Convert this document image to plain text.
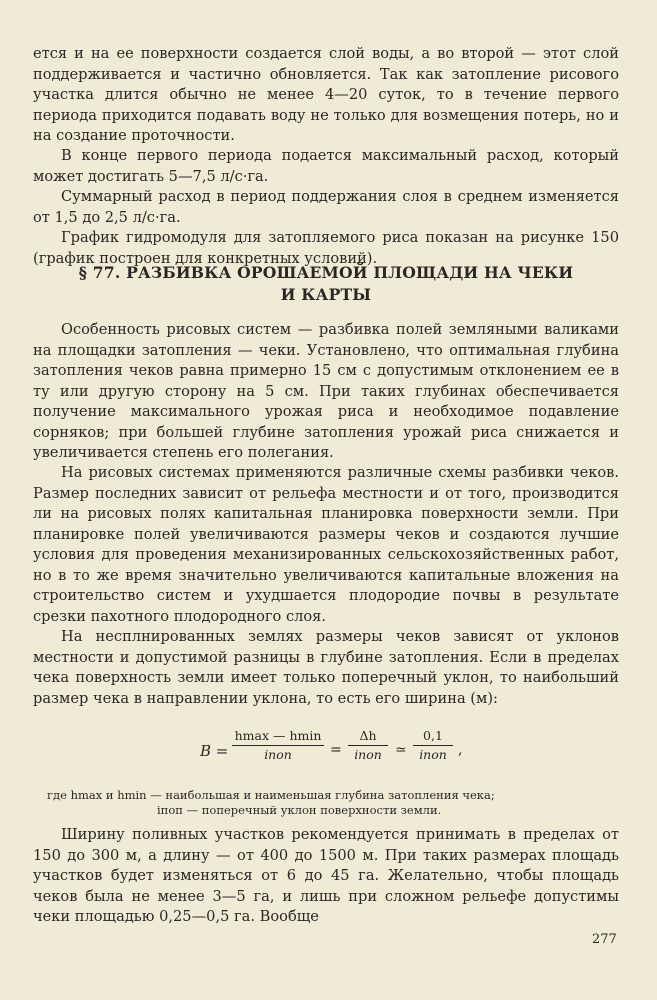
ется и на ее поверхности создается слой воды, а во второй — этот слой поддерживается и частично обновляется. Так как затопление рисового участка длится обычно не менее 4—20 суток, то в течение первого периода приходится подавать воду не только для возмещения потерь, но и на создание проточности.

В конце первого периода подается максимальный расход, который может достигать 5—7,5 л/с·га.

Суммарный расход в период поддержания слоя в среднем изменяется от 1,5 до 2,5 л/с·га.

График гидромодуля для затопляемого риса показан на рисунке 150 (график построен для конкретных условий).

§ 77. РАЗБИВКА ОРОШАЕМОЙ ПЛОЩАДИ НА ЧЕКИ
И КАРТЫ

Особенность рисовых систем — разбивка полей земляными валиками на площадки затопления — чеки. Установлено, что оптимальная глубина затопления чеков равна примерно 15 см с допустимым отклонением ее в ту или другую сторону на 5 см. При таких глубинах обеспечивается получение максимального урожая риса и необходимое подавление сорняков; при большей глубине затопления урожай риса снижается и увеличивается степень его полегания.

На рисовых системах применяются различные схемы разбивки чеков. Размер последних зависит от рельефа местности и от того, производится ли на рисовых полях капитальная планировка поверхности земли. При планировке полей увеличиваются размеры чеков и создаются лучшие условия для проведения механизированных сельскохозяйственных работ, но в то же время значительно увеличиваются капитальные вложения на строительство систем и ухудшается плодородие почвы в результате срезки пахотного плодородного слоя.

На несплнированных землях размеры чеков зависят от уклонов местности и допустимой разницы в глубине затопления. Если в пределах чека поверхность земли имеет только поперечный уклон, то наибольший размер чека в направлении уклона, то есть его ширина (м):

B =
hmax — hmin
iпоп	=
Δh
iпоп ≃
0,1
iпоп ,

где hmax и hmin — наибольшая и наименьшая глубина затопления чека;

iпоп — поперечный уклон поверхности земли.

Ширину поливных участков рекомендуется принимать в пределах от 150 до 300 м, а длину — от 400 до 1500 м. При таких размерах площадь участков будет изменяться от 6 до 45 га. Желательно, чтобы площадь чеков была не менее 3—5 га, и лишь при сложном рельефе допустимы чеки площадью 0,25—0,5 га. Вообще

277
